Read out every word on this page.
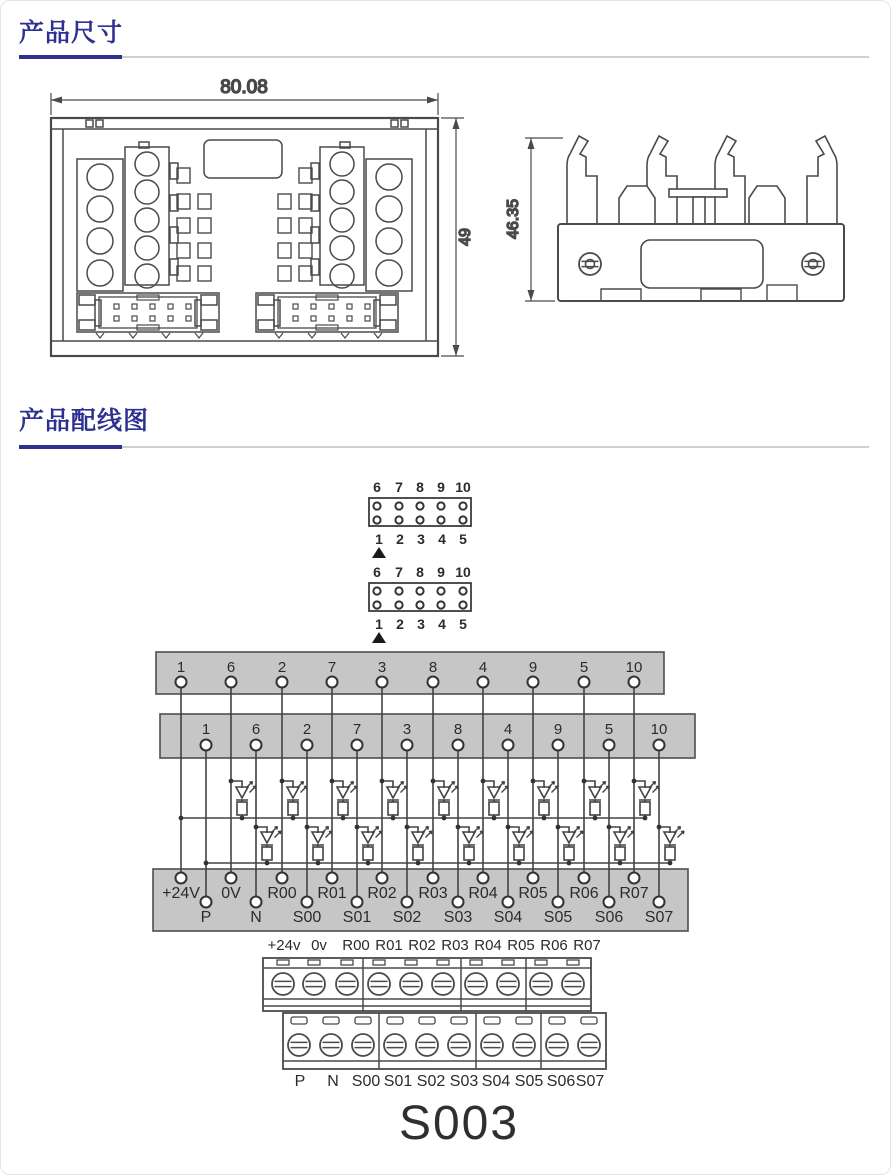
产品尺寸
产品配线图
80.08
49 46.35
6 7 8 9 10
1 2 3 4 5
6 7 8 9 10
1 2 3 4 5
1	6	2	7	3	8	4	9	5 10
1	6	2	7	3	8	4	9	5 10
+24V 0V R00 R01 R02 R03 R04 R05 R06 R07
P N S00 S01 S02 S03 S04 S05 S06 S07
+24v 0v R00 R01 R02 R03 R04 R05 R06 R07
P N S00 S01 S02 S03 S04 S05 S06 S07
S003
